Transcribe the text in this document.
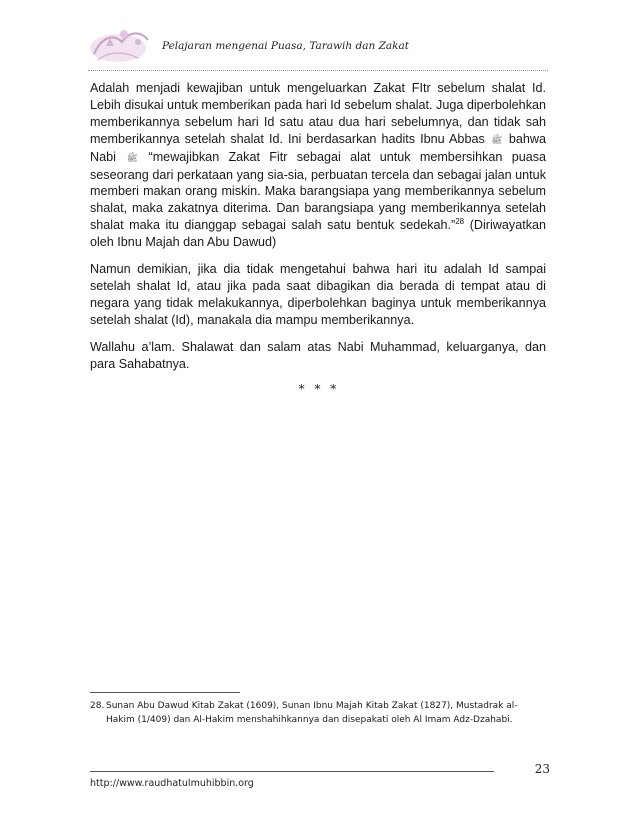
Pelajaran mengenai Puasa, Tarawih dan Zakat

Adalah menjadi kewajiban untuk mengeluarkan Zakat FItr sebelum shalat Id. Lebih disukai untuk memberikan pada hari Id sebelum shalat. Juga diperbolehkan memberikannya sebelum hari Id satu atau dua hari sebelumnya, dan tidak sah memberikannya setelah shalat Id. Ini berdasarkan hadits Ibnu Abbas ﷺ bahwa Nabi ﷺ “mewajibkan Zakat Fitr sebagai alat untuk membersihkan puasa seseorang dari perkataan yang sia-sia, perbuatan tercela dan sebagai jalan untuk memberi makan orang miskin. Maka barangsiapa yang memberikannya sebelum shalat, maka zakatnya diterima. Dan barangsiapa yang memberikannya setelah shalat maka itu dianggap sebagai salah satu bentuk sedekah.”$^{28}$ (Diriwayatkan oleh Ibnu Majah dan Abu Dawud)

Namun demikian, jika dia tidak mengetahui bahwa hari itu adalah Id sampai setelah shalat Id, atau jika pada saat dibagikan dia berada di tempat atau di negara yang tidak melakukannya, diperbolehkan baginya untuk memberikannya setelah shalat (Id), manakala dia mampu memberikannya.

Wallahu a’lam. Shalawat dan salam atas Nabi Muhammad, keluarganya, dan para Sahabatnya.

* * *
28. Sunan Abu Dawud Kitab Zakat (1609), Sunan Ibnu Majah Kitab Zakat (1827), Mustadrak al-
Hakim (1/409) dan Al-Hakim menshahihkannya dan disepakati oleh Al Imam Adz-Dzahabi.
23
http://www.raudhatulmuhibbin.org
